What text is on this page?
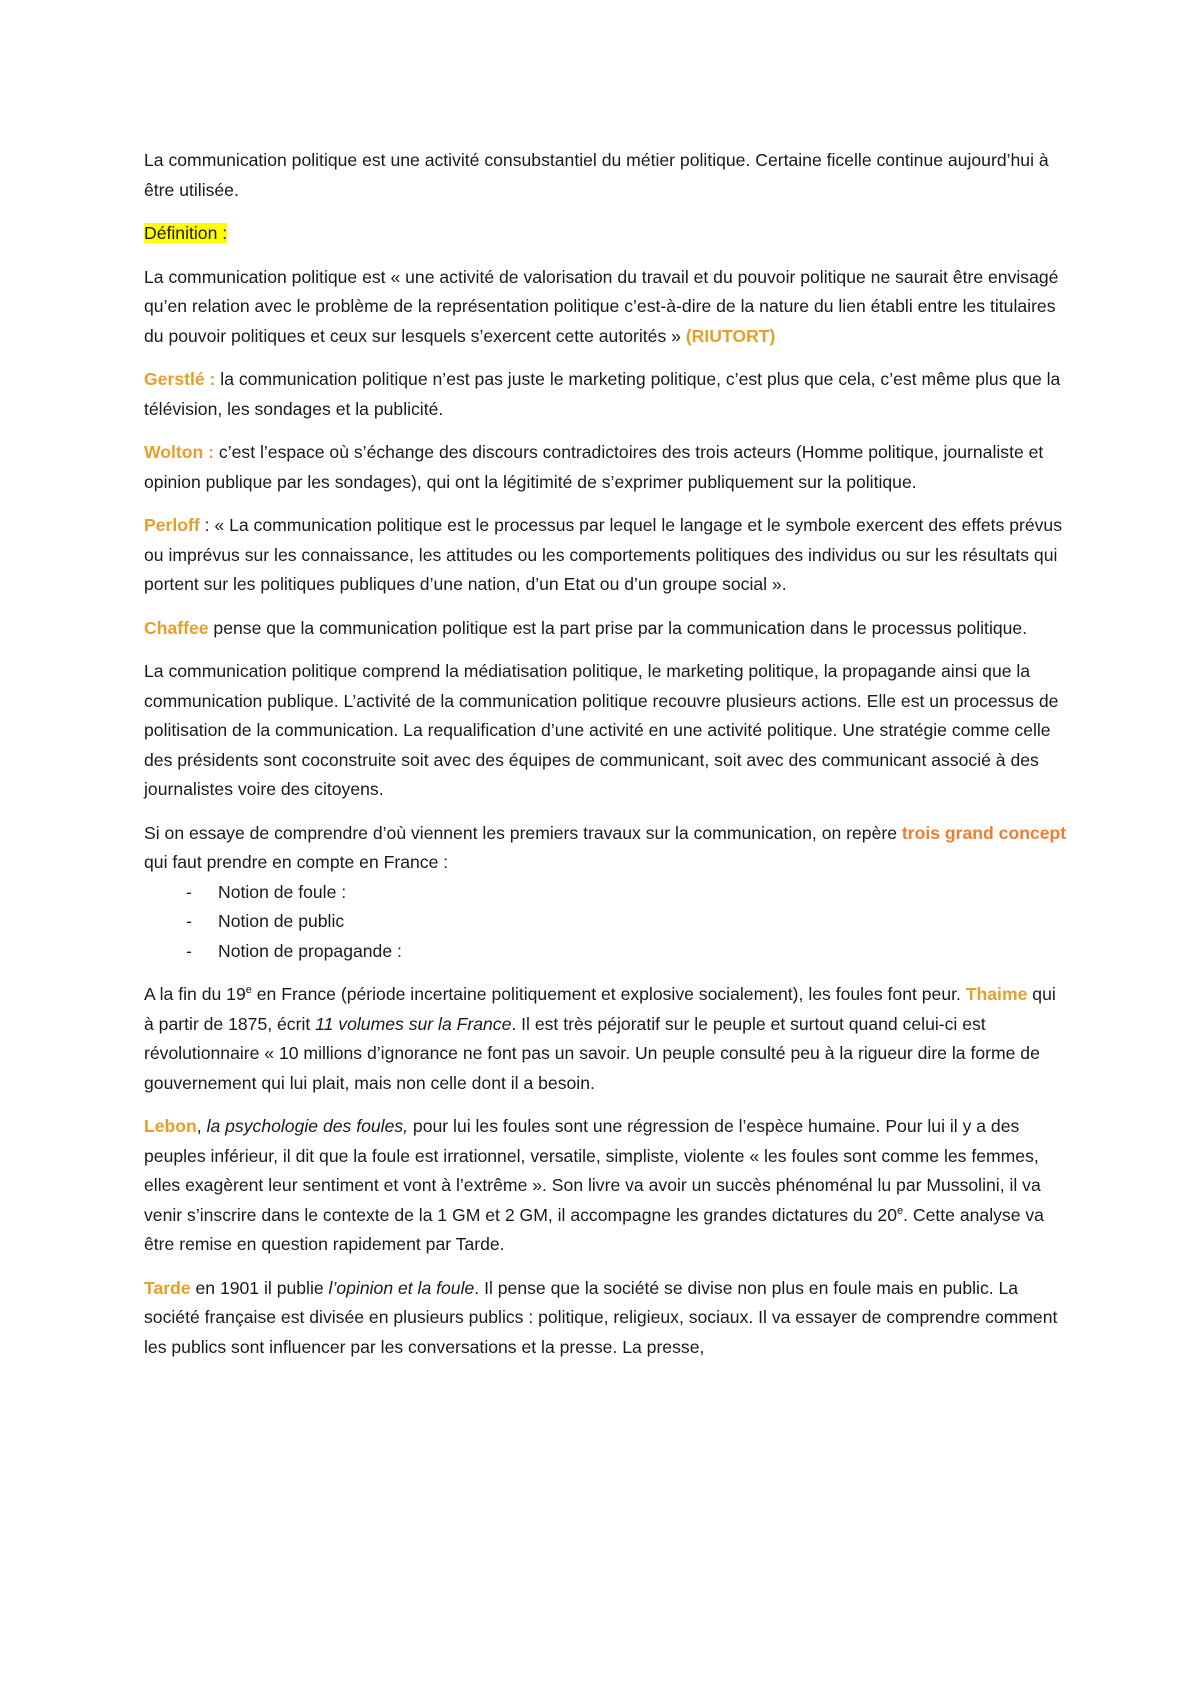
La communication politique est une activité consubstantiel du métier politique. Certaine ficelle continue aujourd’hui à être utilisée.

Définition :

La communication politique est « une activité de valorisation du travail et du pouvoir politique ne saurait être envisagé qu’en relation avec le problème de la représentation politique c’est-à-dire de la nature du lien établi entre les titulaires du pouvoir politiques et ceux sur lesquels s’exercent cette autorités » (RIUTORT)

Gerstlé : la communication politique n’est pas juste le marketing politique, c’est plus que cela, c’est même plus que la télévision, les sondages et la publicité.

Wolton : c’est l’espace où s’échange des discours contradictoires des trois acteurs (Homme politique, journaliste et opinion publique par les sondages), qui ont la légitimité de s’exprimer publiquement sur la politique.

Perloff : « La communication politique est le processus par lequel le langage et le symbole exercent des effets prévus ou imprévus sur les connaissance, les attitudes ou les comportements politiques des individus ou sur les résultats qui portent sur les politiques publiques d’une nation, d’un Etat ou d’un groupe social ».

Chaffee pense que la communication politique est la part prise par la communication dans le processus politique.

La communication politique comprend la médiatisation politique, le marketing politique, la propagande ainsi que la communication publique. L’activité de la communication politique recouvre plusieurs actions. Elle est un processus de politisation de la communication. La requalification d’une activité en une activité politique. Une stratégie comme celle des présidents sont coconstruite soit avec des équipes de communicant, soit avec des communicant associé à des journalistes voire des citoyens.

Si on essaye de comprendre d’où viennent les premiers travaux sur la communication, on repère trois grand concept qui faut prendre en compte en France :

- Notion de foule :
- Notion de public
- Notion de propagande :

A la fin du 19e en France (période incertaine politiquement et explosive socialement), les foules font peur. Thaime qui à partir de 1875, écrit 11 volumes sur la France. Il est très péjoratif sur le peuple et surtout quand celui-ci est révolutionnaire « 10 millions d’ignorance ne font pas un savoir. Un peuple consulté peu à la rigueur dire la forme de gouvernement qui lui plait, mais non celle dont il a besoin.

Lebon, la psychologie des foules, pour lui les foules sont une régression de l’espèce humaine. Pour lui il y a des peuples inférieur, il dit que la foule est irrationnel, versatile, simpliste, violente « les foules sont comme les femmes, elles exagèrent leur sentiment et vont à l’extrême ». Son livre va avoir un succès phénoménal lu par Mussolini, il va venir s’inscrire dans le contexte de la 1 GM et 2 GM, il accompagne les grandes dictatures du 20e. Cette analyse va être remise en question rapidement par Tarde.

Tarde en 1901 il publie l’opinion et la foule. Il pense que la société se divise non plus en foule mais en public. La société française est divisée en plusieurs publics : politique, religieux, sociaux. Il va essayer de comprendre comment les publics sont influencer par les conversations et la presse. La presse,
